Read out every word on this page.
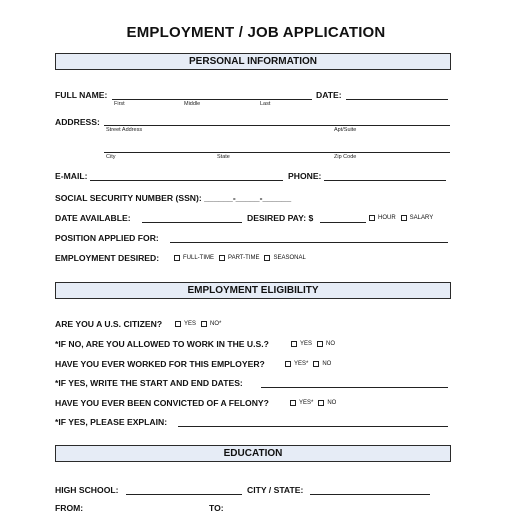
EMPLOYMENT / JOB APPLICATION
PERSONAL INFORMATION
FULL NAME:
First	Middle	Last
DATE:
ADDRESS:
Street Address	Apt/Suite
City	State	Zip Code
E-MAIL:	PHONE:
SOCIAL SECURITY NUMBER (SSN): ______-_____-______
DATE AVAILABLE:	DESIRED PAY: $	HOUR SALARY
POSITION APPLIED FOR:
EMPLOYMENT DESIRED:	FULL-TIME PART-TIME SEASONAL
EMPLOYMENT ELIGIBILITY
ARE YOU A U.S. CITIZEN?	YES NO*
*IF NO, ARE YOU ALLOWED TO WORK IN THE U.S.?	YES NO
HAVE YOU EVER WORKED FOR THIS EMPLOYER?	YES* NO
*IF YES, WRITE THE START AND END DATES:
HAVE YOU EVER BEEN CONVICTED OF A FELONY?	YES* NO
*IF YES, PLEASE EXPLAIN:
EDUCATION
HIGH SCHOOL:	CITY / STATE:
FROM:	TO:
